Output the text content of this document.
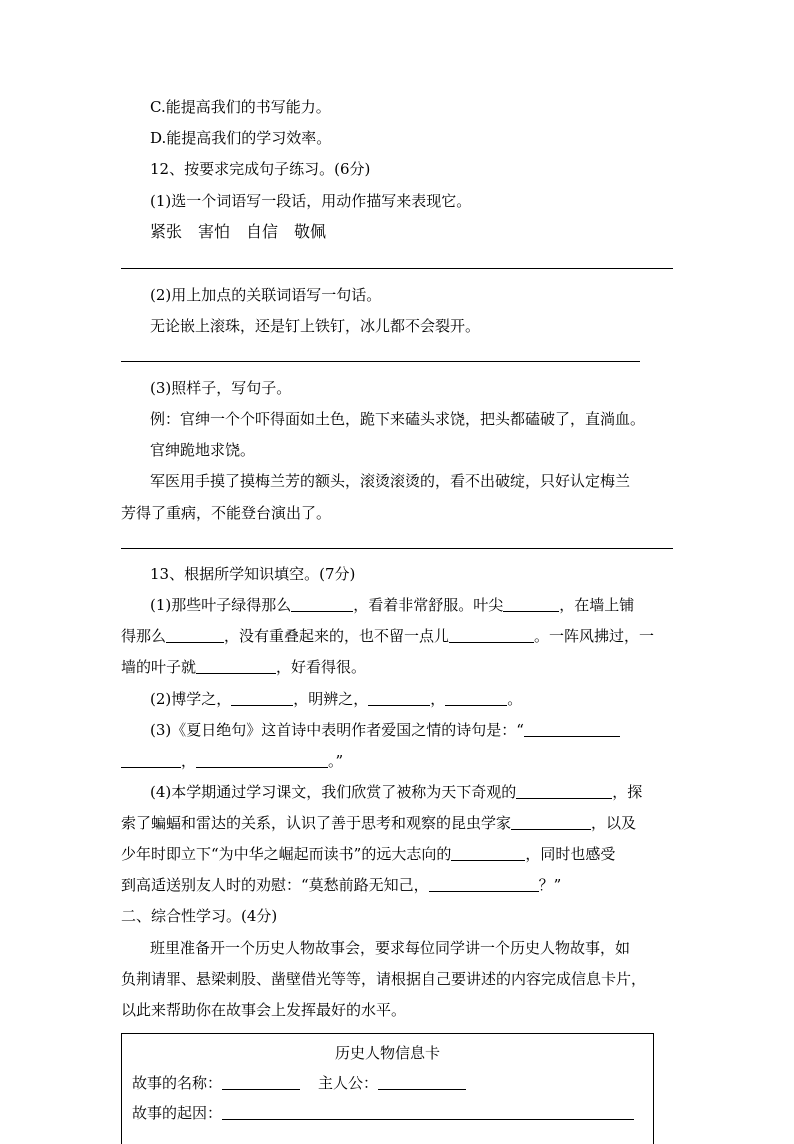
C.能提高我们的书写能力。
D.能提高我们的学习效率。
12、按要求完成句子练习。(6分)
(1)选一个词语写一段话，用动作描写来表现它。
紧张　害怕　自信　敬佩
(2)用上加点的关联词语写一句话。
无论嵌上滚珠，还是钉上铁钉，冰儿都不会裂开。
(3)照样子，写句子。
例：官绅一个个吓得面如土色，跪下来磕头求饶，把头都磕破了，直淌血。
官绅跪地求饶。
军医用手摸了摸梅兰芳的额头，滚烫滚烫的，看不出破绽，只好认定梅兰
芳得了重病，不能登台演出了。
13、根据所学知识填空。(7分)
(1)那些叶子绿得那么	，看着非常舒服。叶尖	，在墙上铺
得那么	，没有重叠起来的，也不留一点儿	。一阵风拂过，一
墙的叶子就	，好看得很。
(2)博学之，	，明辨之，	，	。
(3)《夏日绝句》这首诗中表明作者爱国之情的诗句是：“
，	。”
(4)本学期通过学习课文，我们欣赏了被称为天下奇观的	，探
索了蝙蝠和雷达的关系，认识了善于思考和观察的昆虫学家	，以及
少年时即立下“为中华之崛起而读书”的远大志向的	，同时也感受
到高适送别友人时的劝慰：“莫愁前路无知己，	？”
二、综合性学习。(4分)
班里准备开一个历史人物故事会，要求每位同学讲一个历史人物故事，如
负荆请罪、悬梁刺股、凿壁借光等等，请根据自己要讲述的内容完成信息卡片，
以此来帮助你在故事会上发挥最好的水平。
历史人物信息卡
故事的名称：	主人公：
故事的起因：
